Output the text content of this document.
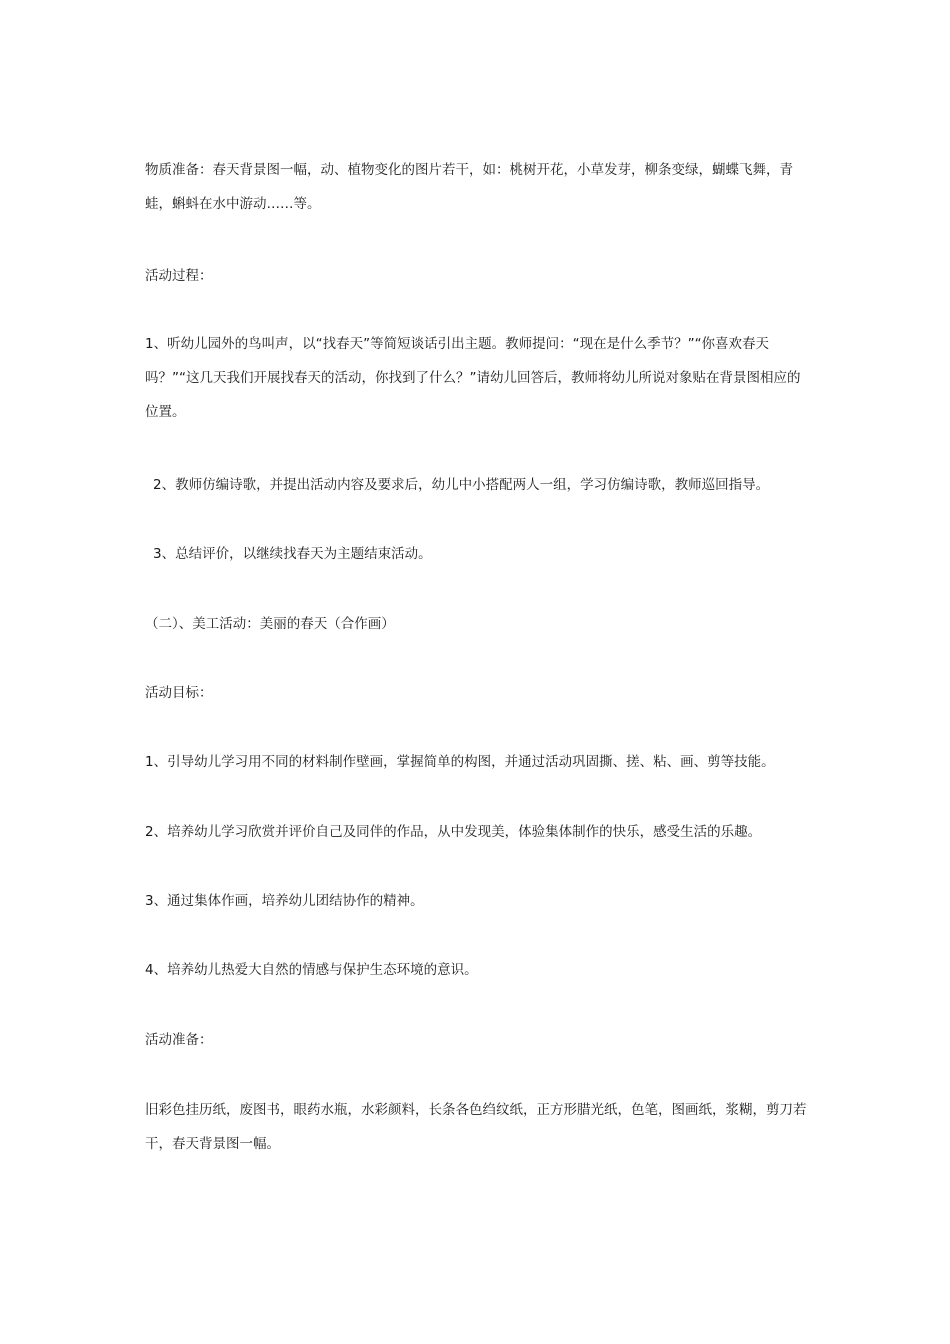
物质准备：春天背景图一幅，动、植物变化的图片若干，如：桃树开花，小草发芽，柳条变绿，蝴蝶飞舞，青蛙，蝌蚪在水中游动……等。

活动过程：

1、听幼儿园外的鸟叫声，以“找春天”等简短谈话引出主题。教师提问：“现在是什么季节？”“你喜欢春天吗？”“这几天我们开展找春天的活动，你找到了什么？”请幼儿回答后，教师将幼儿所说对象贴在背景图相应的位置。

2、教师仿编诗歌，并提出活动内容及要求后，幼儿中小搭配两人一组，学习仿编诗歌，教师巡回指导。

3、总结评价，以继续找春天为主题结束活动。

（二）、美工活动：美丽的春天（合作画）

活动目标：

1、引导幼儿学习用不同的材料制作壁画，掌握简单的构图，并通过活动巩固撕、搓、粘、画、剪等技能。

2、培养幼儿学习欣赏并评价自己及同伴的作品，从中发现美，体验集体制作的快乐，感受生活的乐趣。

3、通过集体作画，培养幼儿团结协作的精神。

4、培养幼儿热爱大自然的情感与保护生态环境的意识。

活动准备：

旧彩色挂历纸，废图书，眼药水瓶，水彩颜料，长条各色绉纹纸，正方形腊光纸，色笔，图画纸，浆糊，剪刀若干，春天背景图一幅。
